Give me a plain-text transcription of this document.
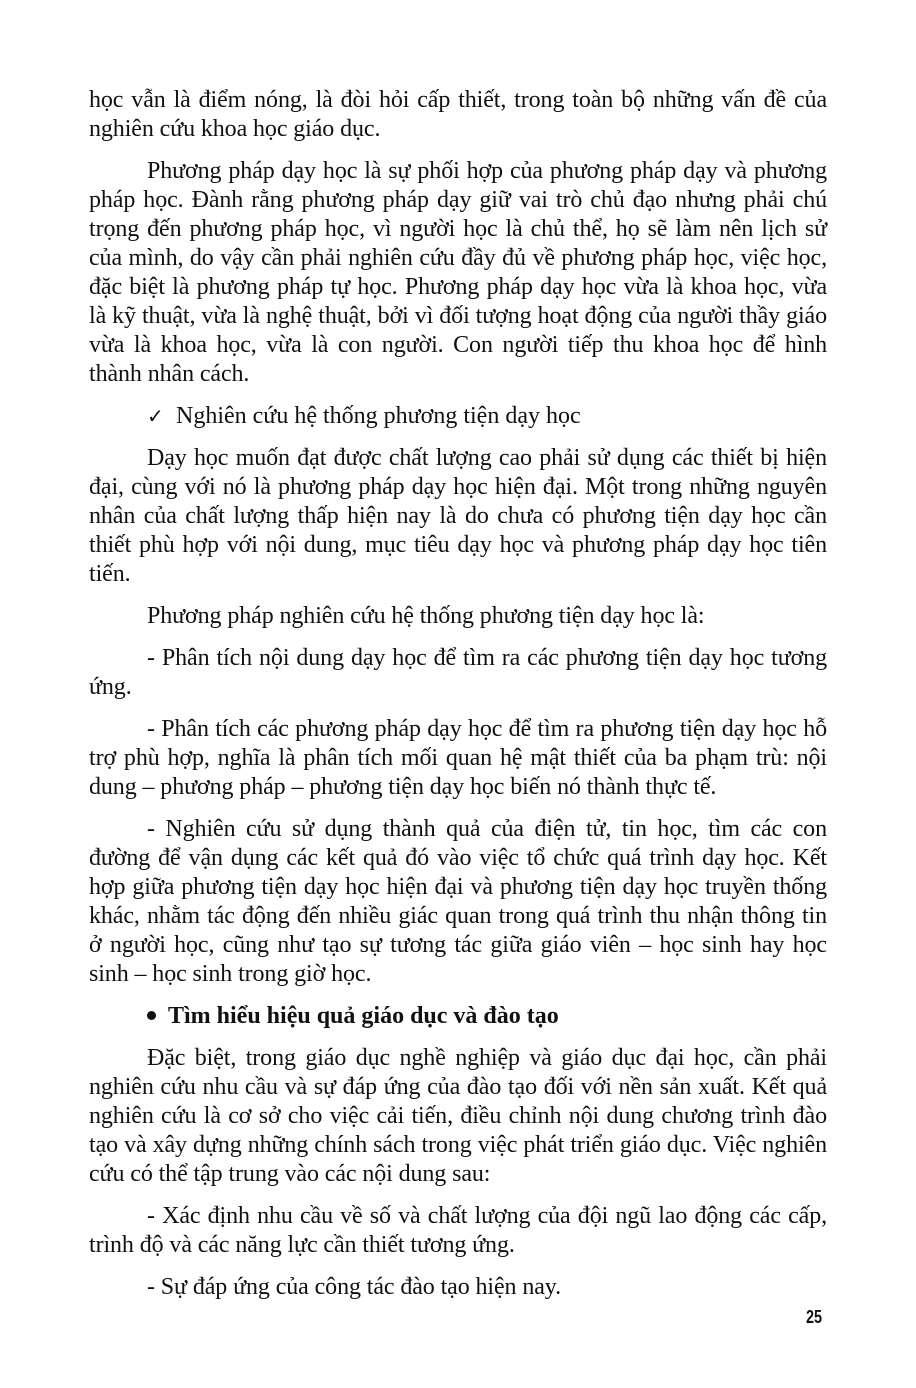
học vẫn là điểm nóng, là đòi hỏi cấp thiết, trong toàn bộ những vấn đề của nghiên cứu khoa học giáo dục.

Phương pháp dạy học là sự phối hợp của phương pháp dạy và phương pháp học. Đành rằng phương pháp dạy giữ vai trò chủ đạo nhưng phải chú trọng đến phương pháp học, vì người học là chủ thể, họ sẽ làm nên lịch sử của mình, do vậy cần phải nghiên cứu đầy đủ về phương pháp học, việc học, đặc biệt là phương pháp tự học. Phương pháp dạy học vừa là khoa học, vừa là kỹ thuật, vừa là nghệ thuật, bởi vì đối tượng hoạt động của người thầy giáo vừa là khoa học, vừa là con người. Con người tiếp thu khoa học để hình thành nhân cách.

✓ Nghiên cứu hệ thống phương tiện dạy học

Dạy học muốn đạt được chất lượng cao phải sử dụng các thiết bị hiện đại, cùng với nó là phương pháp dạy học hiện đại. Một trong những nguyên nhân của chất lượng thấp hiện nay là do chưa có phương tiện dạy học cần thiết phù hợp với nội dung, mục tiêu dạy học và phương pháp dạy học tiên tiến.

Phương pháp nghiên cứu hệ thống phương tiện dạy học là:

- Phân tích nội dung dạy học để tìm ra các phương tiện dạy học tương ứng.

- Phân tích các phương pháp dạy học để tìm ra phương tiện dạy học hỗ trợ phù hợp, nghĩa là phân tích mối quan hệ mật thiết của ba phạm trù: nội dung – phương pháp – phương tiện dạy học biến nó thành thực tế.

- Nghiên cứu sử dụng thành quả của điện tử, tin học, tìm các con đường để vận dụng các kết quả đó vào việc tổ chức quá trình dạy học. Kết hợp giữa phương tiện dạy học hiện đại và phương tiện dạy học truyền thống khác, nhằm tác động đến nhiều giác quan trong quá trình thu nhận thông tin ở người học, cũng như tạo sự tương tác giữa giáo viên – học sinh hay học sinh – học sinh trong giờ học.

Tìm hiểu hiệu quả giáo dục và đào tạo

Đặc biệt, trong giáo dục nghề nghiệp và giáo dục đại học, cần phải nghiên cứu nhu cầu và sự đáp ứng của đào tạo đối với nền sản xuất. Kết quả nghiên cứu là cơ sở cho việc cải tiến, điều chỉnh nội dung chương trình đào tạo và xây dựng những chính sách trong việc phát triển giáo dục. Việc nghiên cứu có thể tập trung vào các nội dung sau:

- Xác định nhu cầu về số và chất lượng của đội ngũ lao động các cấp, trình độ và các năng lực cần thiết tương ứng.

- Sự đáp ứng của công tác đào tạo hiện nay.

25
